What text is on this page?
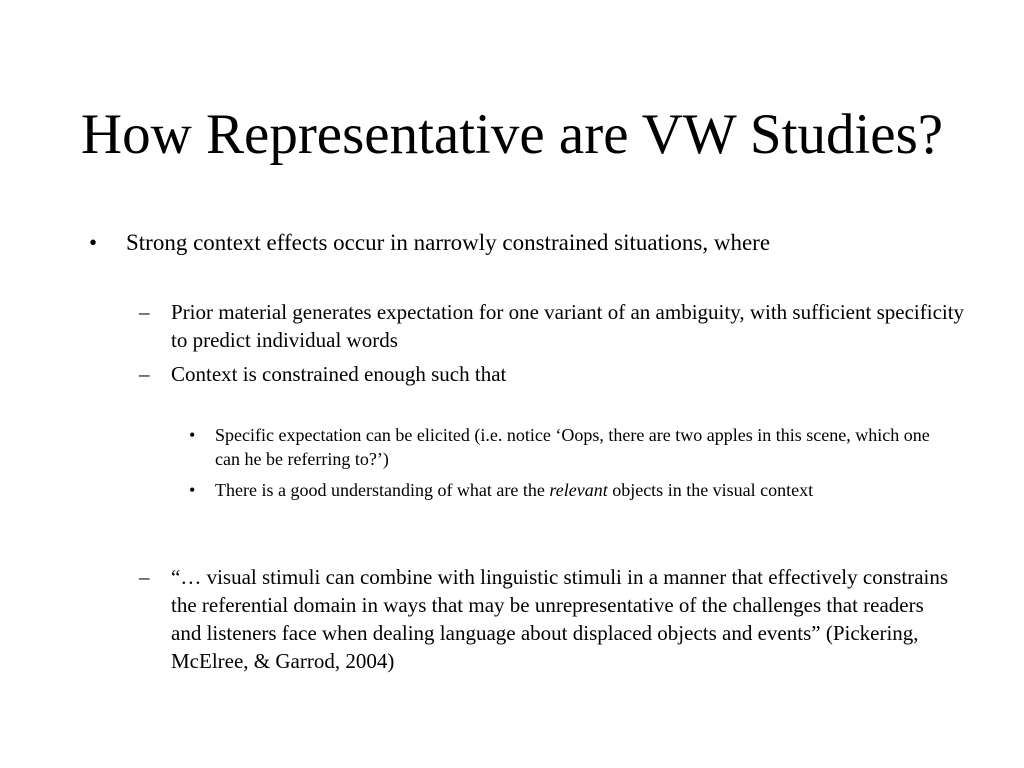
How Representative are VW Studies?
• Strong context effects occur in narrowly constrained situations, where
– Prior material generates expectation for one variant of an ambiguity, with sufficient specificity to predict individual words
– Context is constrained enough such that
• Specific expectation can be elicited (i.e. notice ‘Oops, there are two apples in this scene, which one can he be referring to?’)
• There is a good understanding of what are the relevant objects in the visual context
– “… visual stimuli can combine with linguistic stimuli in a manner that effectively constrains the referential domain in ways that may be unrepresentative of the challenges that readers and listeners face when dealing language about displaced objects and events” (Pickering, McElree, & Garrod, 2004)
